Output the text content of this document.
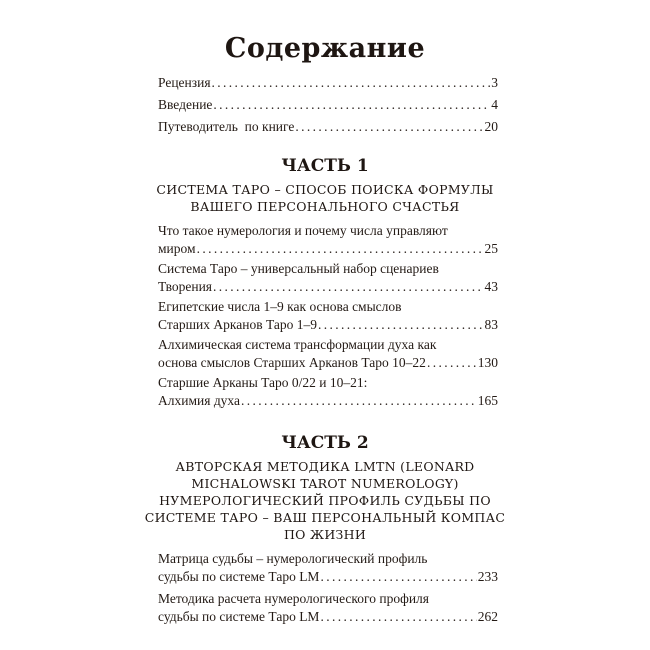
Содержание
Рецензия . . .	3
Введение . . .	4
Путеводитель  по книге . . .	20
ЧАСТЬ 1
СИСТЕМА ТАРО – СПОСОБ ПОИСКА ФОРМУЛЫ
ВАШЕГО ПЕРСОНАЛЬНОГО СЧАСТЬЯ
Что такое нумерология и почему числа управляют
миром . . .	25
Система Таро – универсальный набор сценариев
Творения . . .	43
Египетские числа 1–9 как основа смыслов
Старших Арканов Таро 1–9 . . .	83
Алхимическая система трансформации духа как
основа смыслов Старших Арканов Таро 10–22 . . .	130
Старшие Арканы Таро 0/22 и 10–21:
Алхимия духа . . .	165
ЧАСТЬ 2
АВТОРСКАЯ МЕТОДИКА LMTN (LEONARD
MICHALOWSKI TAROT NUMEROLOGY)
НУМЕРОЛОГИЧЕСКИЙ ПРОФИЛЬ СУДЬБЫ ПО
СИСТЕМЕ ТАРО – ВАШ ПЕРСОНАЛЬНЫЙ КОМПАС
ПО ЖИЗНИ
Матрица судьбы – нумерологический профиль
судьбы по системе Таро LM . . .	233
Методика расчета нумерологического профиля
судьбы по системе Таро LM . . .	262
